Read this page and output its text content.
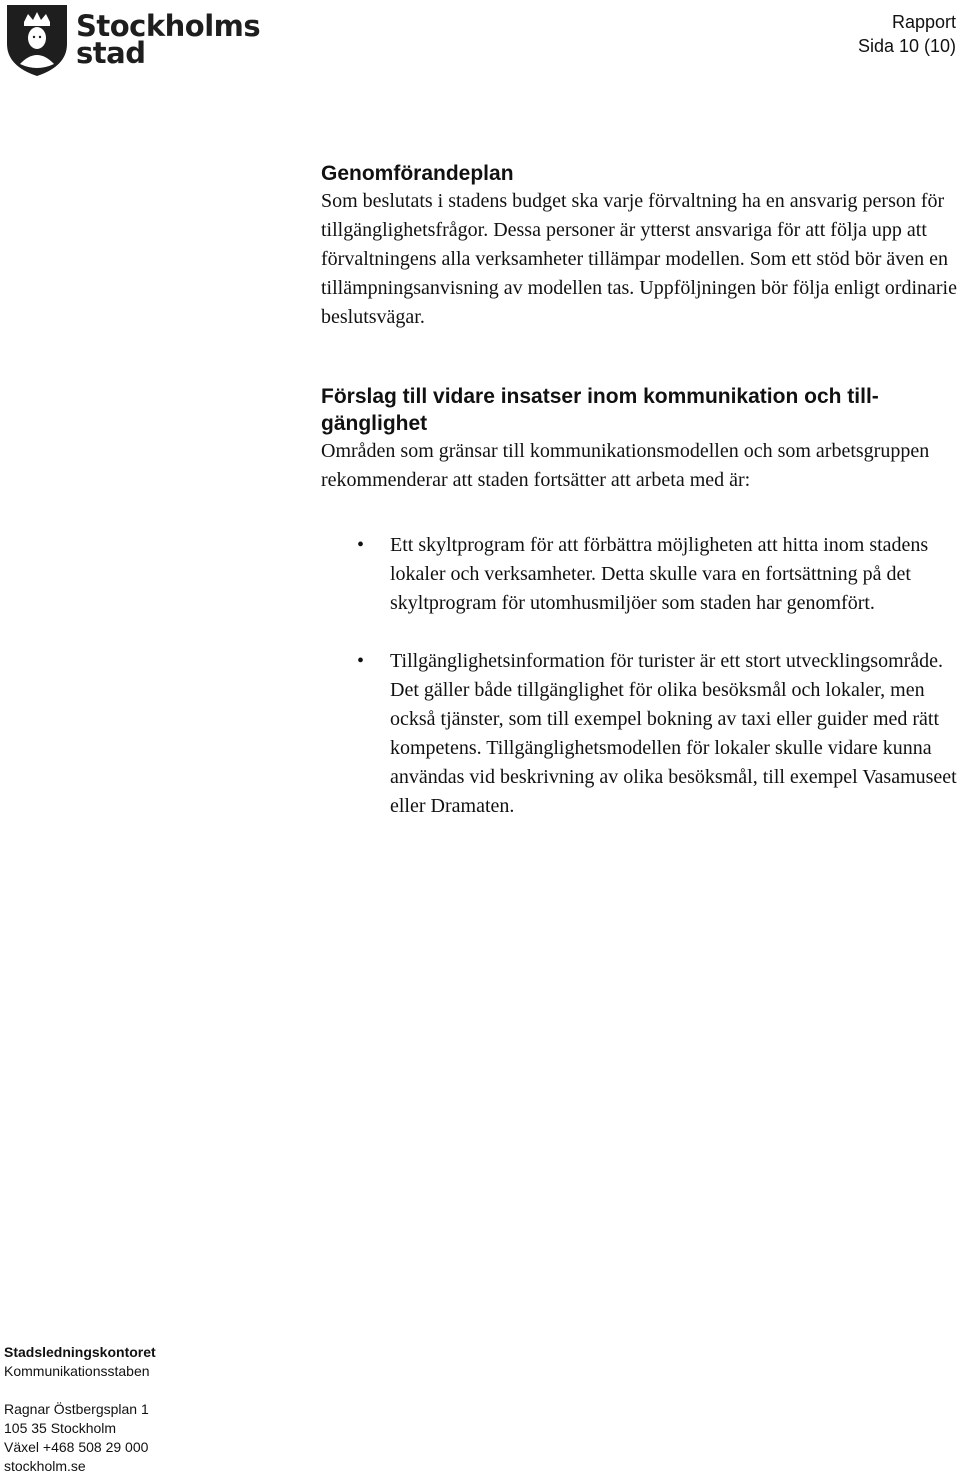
Stockholms
stad
Rapport
Sida 10 (10)
Genomförandeplan

Som beslutats i stadens budget ska varje förvaltning ha en ansvarig person för tillgänglighetsfrågor. Dessa personer är ytterst ansvariga för att följa upp att förvaltningens alla verksamheter tillämpar modellen. Som ett stöd bör även en tillämpningsanvisning av modellen tas. Uppföljningen bör följa enligt ordinarie beslutsvägar.

Förslag till vidare insatser inom kommunikation och tillgänglighet

Områden som gränsar till kommunikationsmodellen och som arbetsgruppen rekommenderar att staden fortsätter att arbeta med är:

• Ett skyltprogram för att förbättra möjligheten att hitta inom stadens lokaler och verksamheter. Detta skulle vara en fortsättning på det skyltprogram för utomhusmiljöer som staden har genomfört.
• Tillgänglighetsinformation för turister är ett stort utvecklingsområde. Det gäller både tillgänglighet för olika besöksmål och lokaler, men också tjänster, som till exempel bokning av taxi eller guider med rätt kompetens. Tillgänglighetsmodellen för lokaler skulle vidare kunna användas vid beskrivning av olika besöksmål, till exempel Vasamuseet eller Dramaten.
Stadsledningskontoret
Kommunikationsstaben
Ragnar Östbergsplan 1
105 35 Stockholm
Växel +468 508 29 000
stockholm.se
